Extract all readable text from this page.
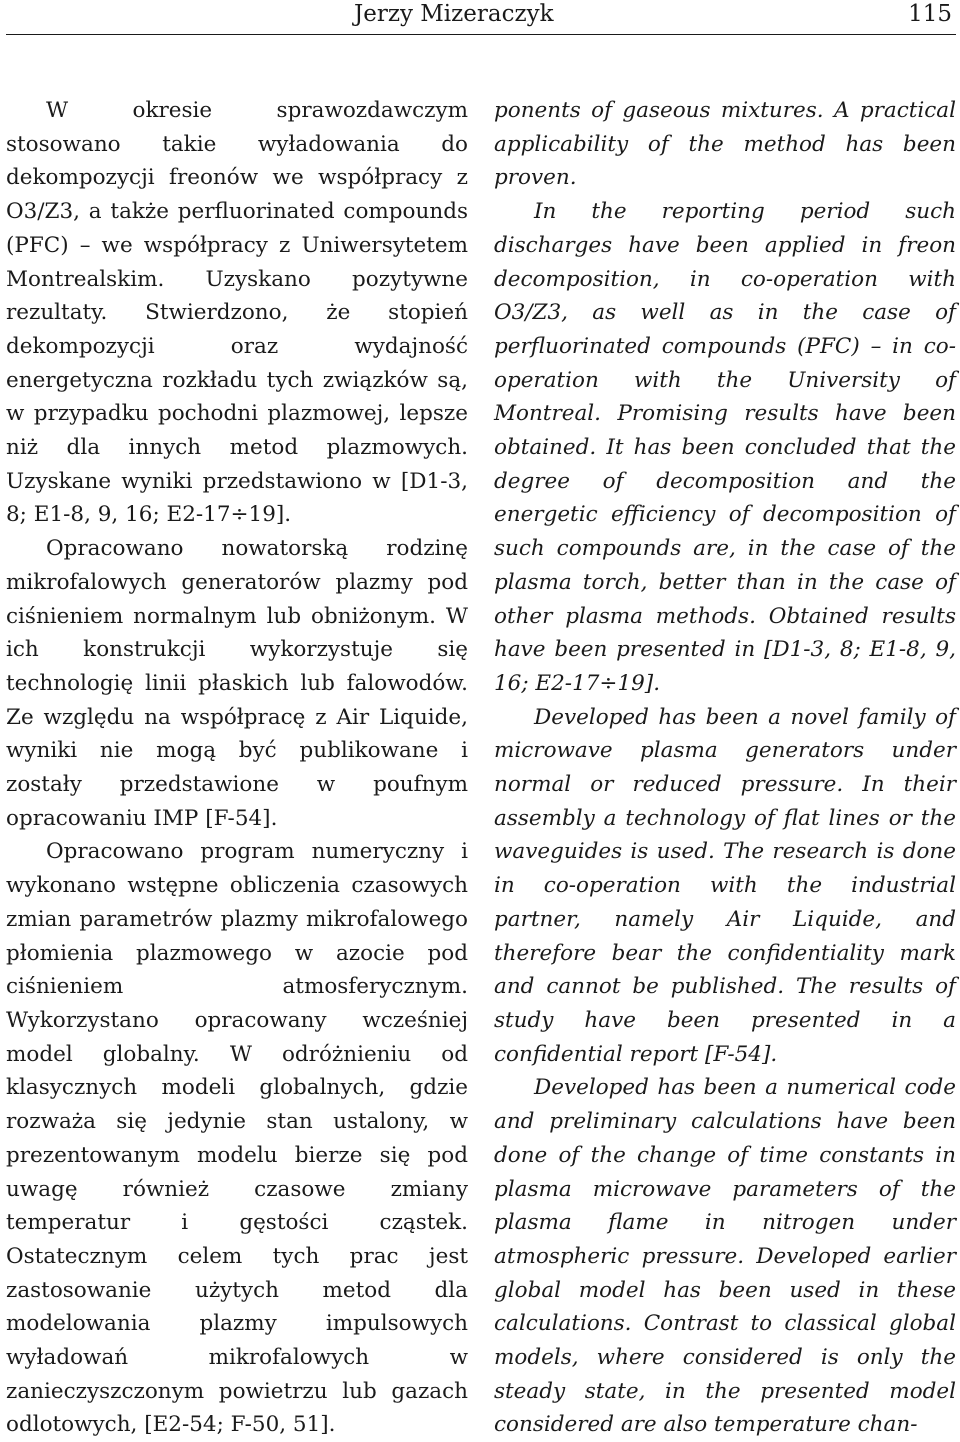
Jerzy Mizeraczyk	115

W okresie sprawozdawczym stosowano takie wyładowania do dekompozycji freonów we współpracy z O3/Z3, a także perfluorinated compounds (PFC) – we współpracy z Uniwersytetem Montrealskim. Uzyskano pozytywne rezultaty. Stwierdzono, że stopień dekompozycji oraz wydajność energetyczna rozkładu tych związków są, w przypadku pochodni plazmowej, lepsze niż dla innych metod plazmowych. Uzyskane wyniki przedstawiono w [D1-3, 8; E1-8, 9, 16; E2-17÷19].

Opracowano nowatorską rodzinę mikrofalowych generatorów plazmy pod ciśnieniem normalnym lub obniżonym. W ich konstrukcji wykorzystuje się technologię linii płaskich lub falowodów. Ze względu na współpracę z Air Liquide, wyniki nie mogą być publikowane i zostały przedstawione w poufnym opracowaniu IMP [F-54].

Opracowano program numeryczny i wykonano wstępne obliczenia czasowych zmian parametrów plazmy mikrofalowego płomienia plazmowego w azocie pod ciśnieniem atmosferycznym. Wykorzystano opracowany wcześniej model globalny. W odróżnieniu od klasycznych modeli globalnych, gdzie rozważa się jedynie stan ustalony, w prezentowanym modelu bierze się pod uwagę również czasowe zmiany temperatur i gęstości cząstek. Ostatecznym celem tych prac jest zastosowanie użytych metod dla modelowania plazmy impulsowych wyładowań mikrofalowych w zanieczyszczonym powietrzu lub gazach odlotowych, [E2-54; F-50, 51].

ponents of gaseous mixtures. A practical applicability of the method has been proven.

In the reporting period such discharges have been applied in freon decomposition, in co-operation with O3/Z3, as well as in the case of perfluorinated compounds (PFC) – in co-operation with the University of Montreal. Promising results have been obtained. It has been concluded that the degree of decomposition and the energetic efficiency of decomposition of such compounds are, in the case of the plasma torch, better than in the case of other plasma methods. Obtained results have been presented in [D1-3, 8; E1-8, 9, 16; E2-17÷19].

Developed has been a novel family of microwave plasma generators under normal or reduced pressure. In their assembly a technology of flat lines or the waveguides is used. The research is done in co-operation with the industrial partner, namely Air Liquide, and therefore bear the confidentiality mark and cannot be published. The results of study have been presented in a confidential report [F-54].

Developed has been a numerical code and preliminary calculations have been done of the change of time constants in plasma microwave parameters of the plasma flame in nitrogen under atmospheric pressure. Developed earlier global model has been used in these calculations. Contrast to classical global models, where considered is only the steady state, in the presented model considered are also temperature chan-
